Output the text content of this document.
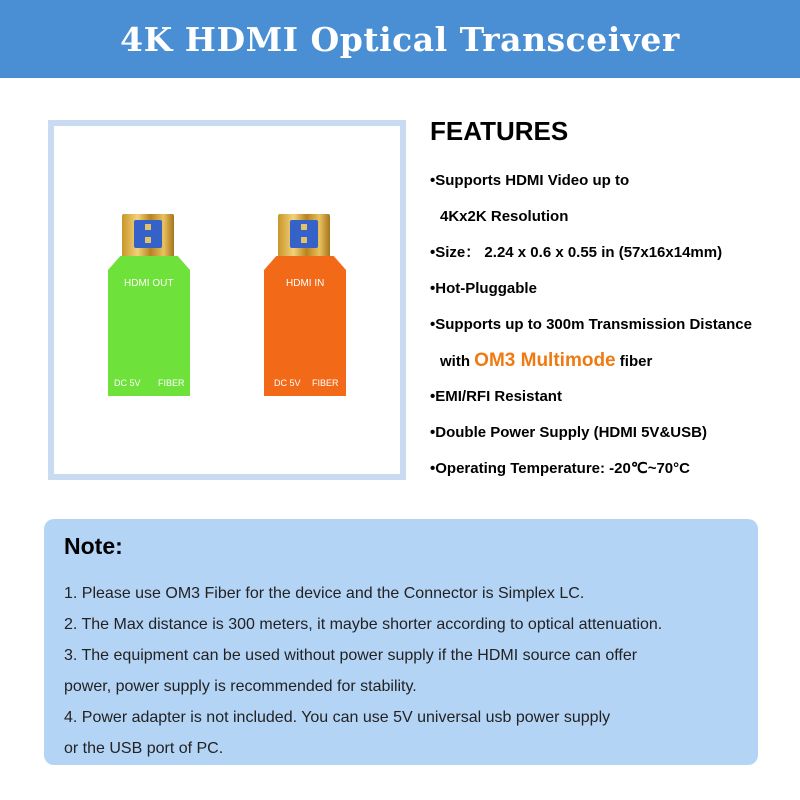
4K HDMI Optical Transceiver
HDMI OUT
DC 5V FIBER
HDMI IN
DC 5V FIBER
FEATURES
•Supports HDMI Video up to
4Kx2K Resolution
•Size： 2.24 x 0.6 x 0.55 in (57x16x14mm)
•Hot-Pluggable
•Supports up to 300m Transmission Distance
with OM3 Multimode fiber
•EMI/RFI Resistant
•Double Power Supply (HDMI 5V&USB)
•Operating Temperature: -20℃~70°C
Note:
1. Please use OM3 Fiber for the device and the Connector is Simplex LC.
2. The Max distance is 300 meters, it maybe shorter according to optical attenuation.
3. The equipment can be used without power supply if the HDMI source can offer
power, power supply is recommended for stability.
4. Power adapter is not included. You can use 5V universal usb power supply
or the USB port of PC.
